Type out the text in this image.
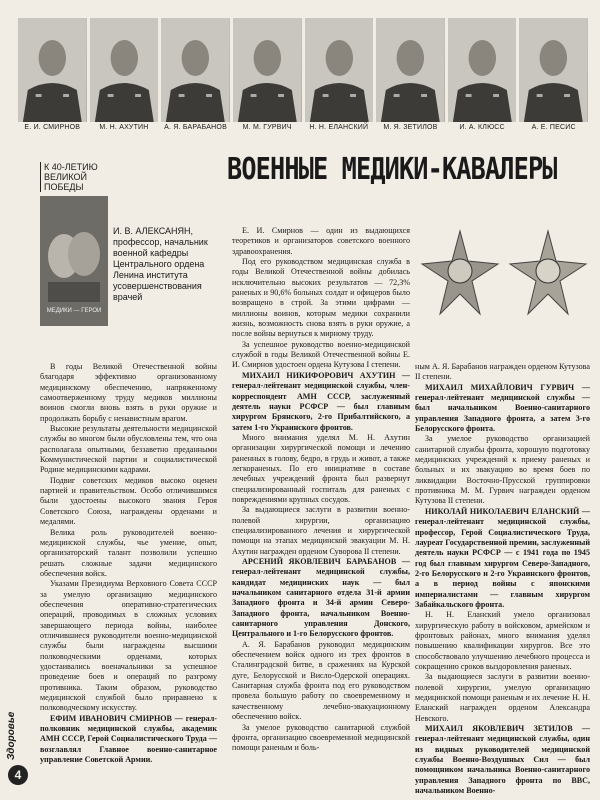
Е. И. СМИРНОВ	М. Н. АХУТИН	А. Я. БАРАБАНОВ	М. М. ГУРВИЧ	Н. Н. ЕЛАНСКИЙ	М. Я. ЗЕТИЛОВ	И. А. КЛЮСС	А. Е. ПЕСИС
К 40-ЛЕТИЮ ВЕЛИКОЙ ПОБЕДЫ
МЕДИКИ — ГЕРОИ
И. В. АЛЕКСАНЯН,
профессор, начальник военной кафедры Центрального ордена Ленина института усовершенствования врачей
ВОЕННЫЕ МЕДИКИ-КАВАЛЕРЫ

В годы Великой Отечественной войны благодаря эффективно организованному медицинскому обеспечению, напряженному самоотверженному труду медиков миллионы воинов смогли вновь взять в руки оружие и продолжать борьбу с ненавистным врагом.

Высокие результаты деятельности медицинской службы во многом были обусловлены тем, что она располагала опытными, беззаветно преданными Коммунистической партии и социалистической Родине медицинскими кадрами.

Подвиг советских медиков высоко оценен партией и правительством. Особо отличившимся были удостоены высокого звания Героя Советского Союза, награждены орденами и медалями.

Велика роль руководителей военно-медицинской службы, чье умение, опыт, организаторский талант позволили успешно решать сложные задачи медицинского обеспечения войск.

Указами Президиума Верховного Совета СССР за умелую организацию медицинского обеспечения оперативно-стратегических операций, проводимых в сложных условиях завершающего периода войны, наиболее отличившиеся руководители военно-медицинской службы были награждены высшими полководческими орденами, которых удостаивались военачальники за успешное проведение боев и операций по разгрому противника. Таким образом, руководство медицинской службой было приравнено к полководческому искусству.

ЕФИМ ИВАНОВИЧ СМИРНОВ — генерал-полковник медицинской службы, академик АМН СССР, Герой Социалистического Труда — возглавлял Главное военно-санитарное управление Советской Армии.

Е. И. Смирнов — один из выдающихся теоретиков и организаторов советского военного здравоохранения.

Под его руководством медицинская служба в годы Великой Отечественной войны добилась исключительно высоких результатов — 72,3% раненых и 90,6% больных солдат и офицеров было возвращено в строй. За этими цифрами — миллионы воинов, которым медики сохранили жизнь, возможность снова взять в руки оружие, а после войны вернуться к мирному труду.

За успешное руководство военно-медицинской службой в годы Великой Отечественной войны Е. И. Смирнов удостоен ордена Кутузова I степени.

МИХАИЛ НИКИФОРОВИЧ АХУТИН — генерал-лейтенант медицинской службы, член-корреспондент АМН СССР, заслуженный деятель науки РСФСР — был главным хирургом Брянского, 2-го Прибалтийского, а затем 1-го Украинского фронтов.

Много внимания уделял М. Н. Ахутин организации хирургической помощи и лечению раненных в голову, бедро, в грудь и живот, а также легкораненых. По его инициативе в составе лечебных учреждений фронта был развернут специализированный госпиталь для раненых с повреждениями крупных сосудов.

За выдающиеся заслуги в развитии военно-полевой хирургии, организацию специализированного лечения и хирургической помощи на этапах медицинской эвакуации М. Н. Ахутин награжден орденом Суворова II степени.

АРСЕНИЙ ЯКОВЛЕВИЧ БАРАБАНОВ — генерал-лейтенант медицинской службы, кандидат медицинских наук — был начальником санитарного отдела 31-й армии Западного фронта и 34-й армии Северо-Западного фронта, начальником Военно-санитарного управления Донского, Центрального и 1-го Белорусского фронтов.

А. Я. Барабанов руководил медицинским обеспечением войск одного из трех фронтов в Сталинградской битве, в сражениях на Курской дуге, Белорусской и Висло-Одерской операциях. Санитарная служба фронта под его руководством провела большую работу по своевременному и качественному лечебно-эвакуационному обеспечению войск.

За умелое руководство санитарной службой фронта, организацию своевременной медицинской помощи раненым и боль-

ным А. Я. Барабанов награжден орденом Кутузова II степени.

МИХАИЛ МИХАЙЛОВИЧ ГУРВИЧ — генерал-лейтенант медицинской службы — был начальником Военно-санитарного управления Западного фронта, а затем 3-го Белорусского фронта.

За умелое руководство организацией санитарной службы фронта, хорошую подготовку медицинских учреждений к приему раненых и больных и их эвакуацию во время боев по ликвидации Восточно-Прусской группировки противника М. М. Гурвич награжден орденом Кутузова II степени.

НИКОЛАЙ НИКОЛАЕВИЧ ЕЛАНСКИЙ — генерал-лейтенант медицинской службы, профессор, Герой Социалистического Труда, лауреат Государственной премии, заслуженный деятель науки РСФСР — с 1941 года по 1945 год был главным хирургом Северо-Западного, 2-го Белорусского и 2-го Украинского фронтов, а в период войны с японскими империалистами — главным хирургом Забайкальского фронта.

Н. Н. Еланский умело организовал хирургическую работу в войсковом, армейском и фронтовых районах, много внимания уделял повышению квалификации хирургов. Все это способствовало улучшению лечебного процесса и сокращению сроков выздоровления раненых.

За выдающиеся заслуги в развитии военно-полевой хирургии, умелую организацию медицинской помощи раненым и их лечение Н. Н. Еланский награжден орденом Александра Невского.

МИХАИЛ ЯКОВЛЕВИЧ ЗЕТИЛОВ — генерал-лейтенант медицинской службы, один из видных руководителей медицинской службы Военно-Воздушных Сил — был помощником начальника Военно-санитарного управления Западного фронта по ВВС, начальником Военно-

Здоровье
4
